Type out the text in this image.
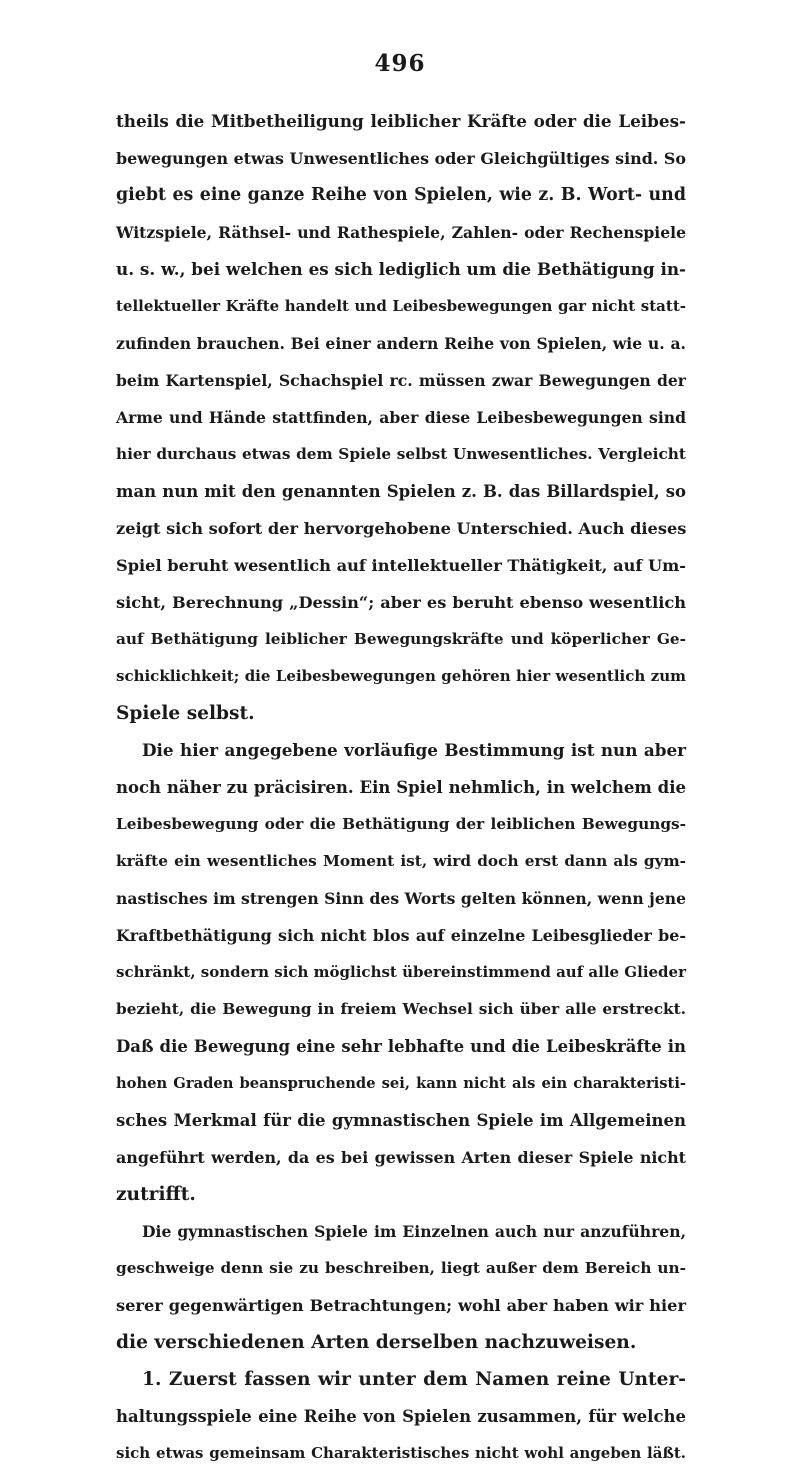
496
theils die Mitbetheiligung leiblicher Kräfte oder die Leibes-
bewegungen etwas Unwesentliches oder Gleichgültiges sind. So
giebt es eine ganze Reihe von Spielen, wie z. B. Wort- und
Witzspiele, Räthsel- und Rathespiele, Zahlen- oder Rechenspiele
u. s. w., bei welchen es sich lediglich um die Bethätigung in-
tellektueller Kräfte handelt und Leibesbewegungen gar nicht statt-
zufinden brauchen. Bei einer andern Reihe von Spielen, wie u. a.
beim Kartenspiel, Schachspiel rc. müssen zwar Bewegungen der
Arme und Hände stattfinden, aber diese Leibesbewegungen sind
hier durchaus etwas dem Spiele selbst Unwesentliches. Vergleicht
man nun mit den genannten Spielen z. B. das Billardspiel, so
zeigt sich sofort der hervorgehobene Unterschied. Auch dieses
Spiel beruht wesentlich auf intellektueller Thätigkeit, auf Um-
sicht, Berechnung „Dessin“; aber es beruht ebenso wesentlich
auf Bethätigung leiblicher Bewegungskräfte und köperlicher Ge-
schicklichkeit; die Leibesbewegungen gehören hier wesentlich zum
Spiele selbst.
Die hier angegebene vorläufige Bestimmung ist nun aber
noch näher zu präcisiren. Ein Spiel nehmlich, in welchem die
Leibesbewegung oder die Bethätigung der leiblichen Bewegungs-
kräfte ein wesentliches Moment ist, wird doch erst dann als gym-
nastisches im strengen Sinn des Worts gelten können, wenn jene
Kraftbethätigung sich nicht blos auf einzelne Leibesglieder be-
schränkt, sondern sich möglichst übereinstimmend auf alle Glieder
bezieht, die Bewegung in freiem Wechsel sich über alle erstreckt.
Daß die Bewegung eine sehr lebhafte und die Leibeskräfte in
hohen Graden beanspruchende sei, kann nicht als ein charakteristi-
sches Merkmal für die gymnastischen Spiele im Allgemeinen
angeführt werden, da es bei gewissen Arten dieser Spiele nicht
zutrifft.
Die gymnastischen Spiele im Einzelnen auch nur anzuführen,
geschweige denn sie zu beschreiben, liegt außer dem Bereich un-
serer gegenwärtigen Betrachtungen; wohl aber haben wir hier
die verschiedenen Arten derselben nachzuweisen.
1. Zuerst fassen wir unter dem Namen reine Unter-
haltungsspiele eine Reihe von Spielen zusammen, für welche
sich etwas gemeinsam Charakteristisches nicht wohl angeben läßt.
